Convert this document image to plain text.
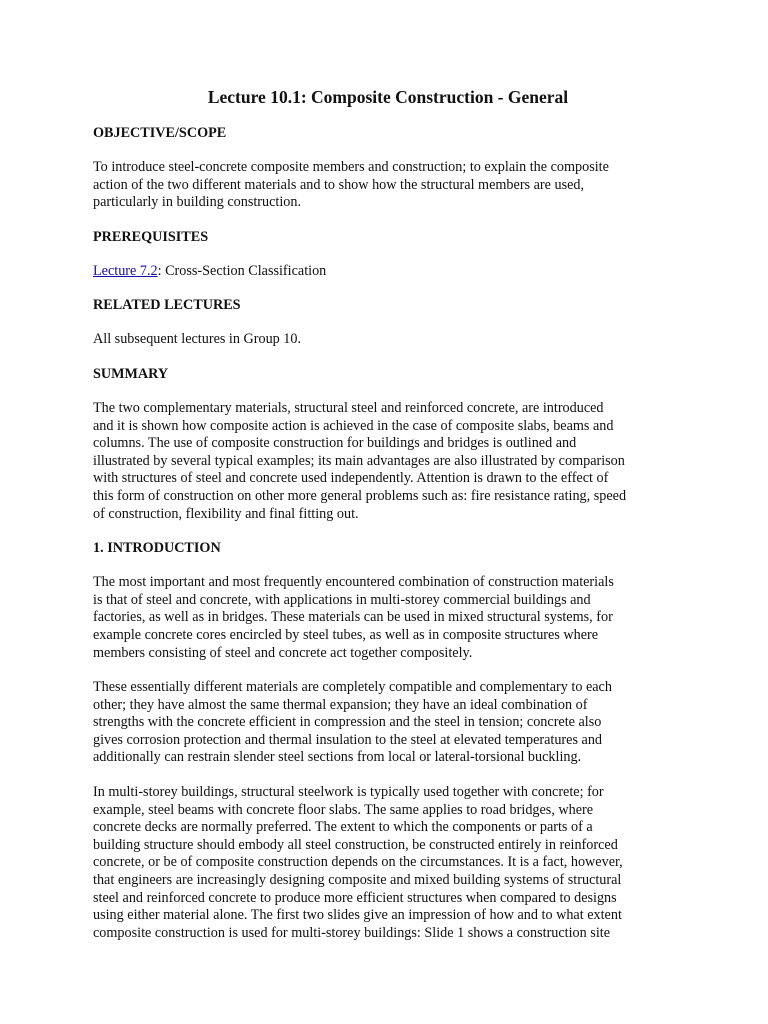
Lecture 10.1: Composite Construction - General
OBJECTIVE/SCOPE

To introduce steel-concrete composite members and construction; to explain the composite
action of the two different materials and to show how the structural members are used,
particularly in building construction.

PREREQUISITES

Lecture 7.2: Cross-Section Classification

RELATED LECTURES

All subsequent lectures in Group 10.

SUMMARY

The two complementary materials, structural steel and reinforced concrete, are introduced
and it is shown how composite action is achieved in the case of composite slabs, beams and
columns. The use of composite construction for buildings and bridges is outlined and
illustrated by several typical examples; its main advantages are also illustrated by comparison
with structures of steel and concrete used independently. Attention is drawn to the effect of
this form of construction on other more general problems such as: fire resistance rating, speed
of construction, flexibility and final fitting out.

1. INTRODUCTION

The most important and most frequently encountered combination of construction materials
is that of steel and concrete, with applications in multi-storey commercial buildings and
factories, as well as in bridges. These materials can be used in mixed structural systems, for
example concrete cores encircled by steel tubes, as well as in composite structures where
members consisting of steel and concrete act together compositely.

These essentially different materials are completely compatible and complementary to each
other; they have almost the same thermal expansion; they have an ideal combination of
strengths with the concrete efficient in compression and the steel in tension; concrete also
gives corrosion protection and thermal insulation to the steel at elevated temperatures and
additionally can restrain slender steel sections from local or lateral-torsional buckling.

In multi-storey buildings, structural steelwork is typically used together with concrete; for
example, steel beams with concrete floor slabs. The same applies to road bridges, where
concrete decks are normally preferred. The extent to which the components or parts of a
building structure should embody all steel construction, be constructed entirely in reinforced
concrete, or be of composite construction depends on the circumstances. It is a fact, however,
that engineers are increasingly designing composite and mixed building systems of structural
steel and reinforced concrete to produce more efficient structures when compared to designs
using either material alone. The first two slides give an impression of how and to what extent
composite construction is used for multi-storey buildings: Slide 1 shows a construction site
